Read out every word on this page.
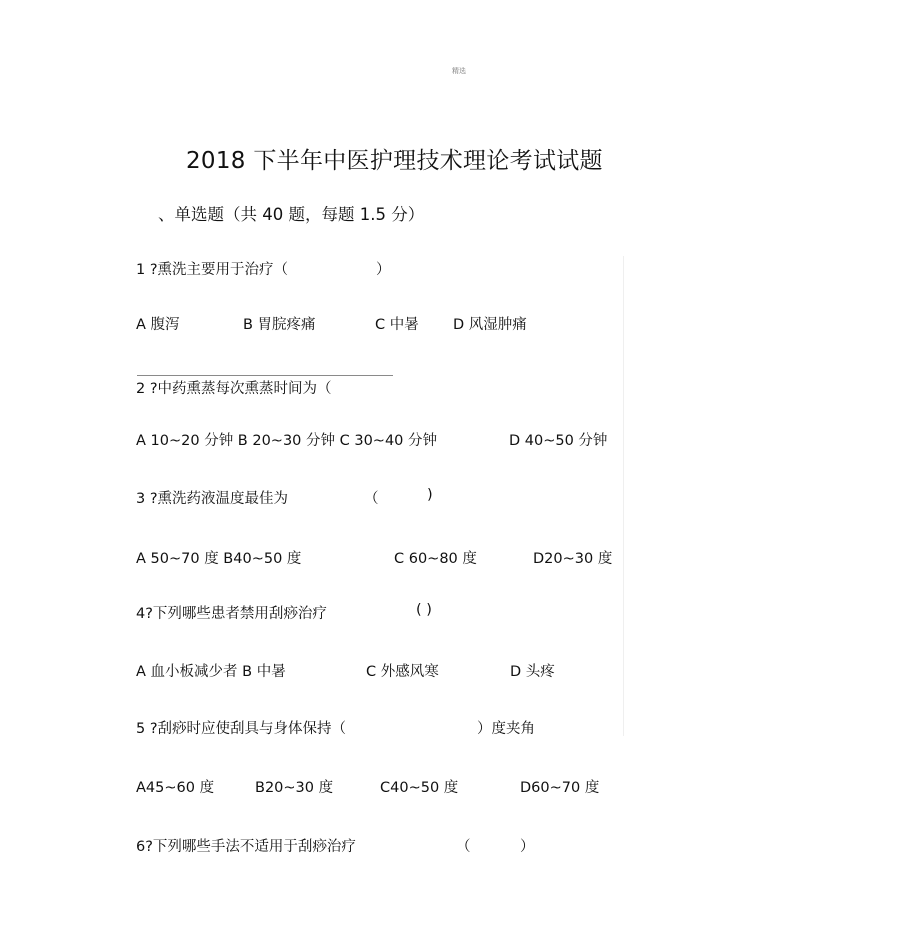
精选
2018 下半年中医护理技术理论考试试题
、单选题（共 40 题，每题 1.5 分）
1 ?熏洗主要用于治疗（	）
A 腹泻	B 胃脘疼痛	C 中暑 D 风湿肿痛
2 ?中药熏蒸每次熏蒸时间为（
A 10~20 分钟 B 20~30 分钟 C 30~40 分钟	D 40~50 分钟
3 ?熏洗药液温度最佳为	（	)
A 50~70 度 B40~50 度	C 60~80 度	D20~30 度
4?下列哪些患者禁用刮痧治疗	( )
A 血小板减少者 B 中暑	C 外感风寒	D 头疼
5 ?刮痧时应使刮具与身体保持（	）度夹角
A45~60 度	B20~30 度	C40~50 度	D60~70 度
6?下列哪些手法不适用于刮痧治疗	（	）
